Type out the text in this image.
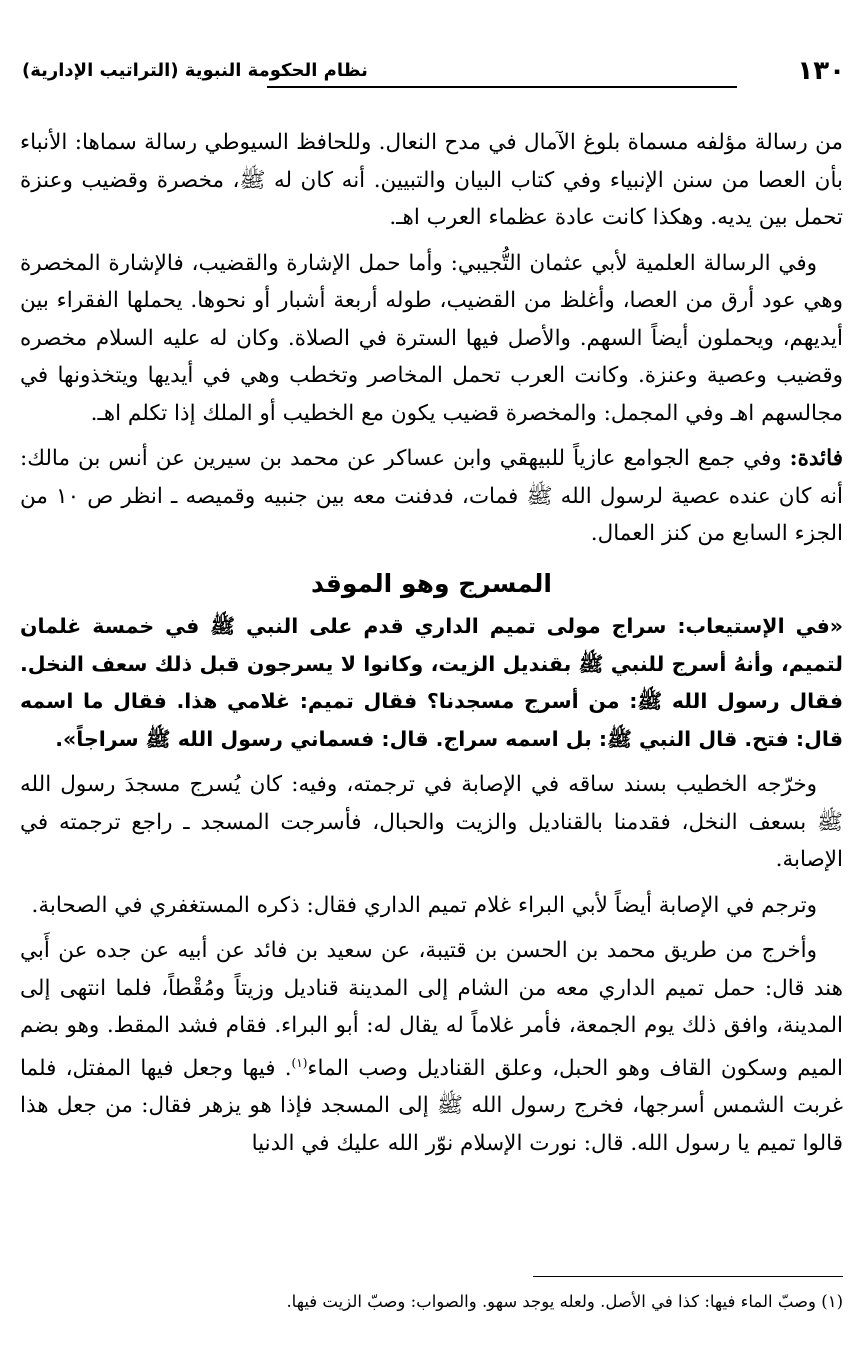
١٣٠
نظام الحكومة النبوية (التراتيب الإدارية)

من رسالة مؤلفه مسماة بلوغ الآمال في مدح النعال. وللحافظ السيوطي رسالة سماها: الأنباء بأن العصا من سنن الإنبياء وفي كتاب البيان والتبيين. أنه كان له ﷺ، مخصرة وقضيب وعنزة تحمل بين يديه. وهكذا كانت عادة عظماء العرب اهـ.

وفي الرسالة العلمية لأبي عثمان التُّجيبي: وأما حمل الإشارة والقضيب، فالإشارة المخصرة وهي عود أرق من العصا، وأغلظ من القضيب، طوله أربعة أشبار أو نحوها. يحملها الفقراء بين أيديهم، ويحملون أيضاً السهم. والأصل فيها السترة في الصلاة. وكان له عليه السلام مخصره وقضيب وعصية وعنزة. وكانت العرب تحمل المخاصر وتخطب وهي في أيديها ويتخذونها في مجالسهم اهـ وفي المجمل: والمخصرة قضيب يكون مع الخطيب أو الملك إذا تكلم اهـ.

فائدة: وفي جمع الجوامع عازياً للبيهقي وابن عساكر عن محمد بن سيرين عن أنس بن مالك: أنه كان عنده عصية لرسول الله ﷺ فمات، فدفنت معه بين جنبيه وقميصه ـ انظر ص ١٠ من الجزء السابع من كنز العمال.

المسرج وهو الموقد

«في الإستيعاب: سراج مولى تميم الداري قدم على النبي ﷺ في خمسة غلمان لتميم، وأنهُ أسرج للنبي ﷺ بقنديل الزيت، وكانوا لا يسرجون قبل ذلك سعف النخل. فقال رسول الله ﷺ: من أسرج مسجدنا؟ فقال تميم: غلامي هذا. فقال ما اسمه قال: فتح. قال النبي ﷺ: بل اسمه سراج. قال: فسماني رسول الله ﷺ سراجاً».

وخرّجه الخطيب بسند ساقه في الإصابة في ترجمته، وفيه: كان يُسرج مسجدَ رسول الله ﷺ بسعف النخل، فقدمنا بالقناديل والزيت والحبال، فأسرجت المسجد ـ راجع ترجمته في الإصابة.

وترجم في الإصابة أيضاً لأبي البراء غلام تميم الداري فقال: ذكره المستغفري في الصحابة.

وأخرج من طريق محمد بن الحسن بن قتيبة، عن سعيد بن فائد عن أبيه عن جده عن أَبي هند قال: حمل تميم الداري معه من الشام إلى المدينة قناديل وزيتاً ومُقْطاً، فلما انتهى إلى المدينة، وافق ذلك يوم الجمعة، فأمر غلاماً له يقال له: أبو البراء. فقام فشد المقط. وهو بضم الميم وسكون القاف وهو الحبل، وعلق القناديل وصب الماء$^{(١)}$. فيها وجعل فيها المفتل، فلما غربت الشمس أسرجها، فخرج رسول الله ﷺ إلى المسجد فإذا هو يزهر فقال: من جعل هذا قالوا تميم يا رسول الله. قال: نورت الإسلام نوّر الله عليك في الدنيا

(١) وصبّ الماء فيها: كذا في الأصل. ولعله يوجد سهو. والصواب: وصبّ الزيت فيها.
